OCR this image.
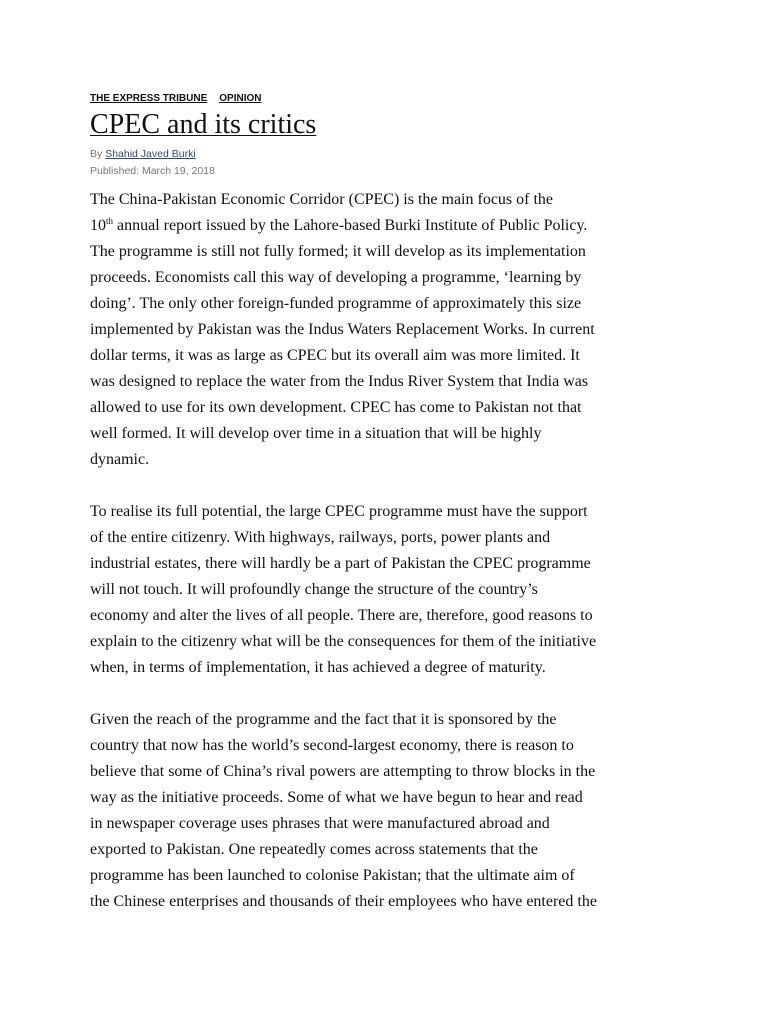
THE EXPRESS TRIBUNE OPINION
CPEC and its critics
By Shahid Javed Burki
Published: March 19, 2018

The China-Pakistan Economic Corridor (CPEC) is the main focus of the
10th annual report issued by the Lahore-based Burki Institute of Public Policy.
The programme is still not fully formed; it will develop as its implementation
proceeds. Economists call this way of developing a programme, ‘learning by
doing’. The only other foreign-funded programme of approximately this size
implemented by Pakistan was the Indus Waters Replacement Works. In current
dollar terms, it was as large as CPEC but its overall aim was more limited. It
was designed to replace the water from the Indus River System that India was
allowed to use for its own development. CPEC has come to Pakistan not that
well formed. It will develop over time in a situation that will be highly
dynamic.

To realise its full potential, the large CPEC programme must have the support
of the entire citizenry. With highways, railways, ports, power plants and
industrial estates, there will hardly be a part of Pakistan the CPEC programme
will not touch. It will profoundly change the structure of the country’s
economy and alter the lives of all people. There are, therefore, good reasons to
explain to the citizenry what will be the consequences for them of the initiative
when, in terms of implementation, it has achieved a degree of maturity.

Given the reach of the programme and the fact that it is sponsored by the
country that now has the world’s second-largest economy, there is reason to
believe that some of China’s rival powers are attempting to throw blocks in the
way as the initiative proceeds. Some of what we have begun to hear and read
in newspaper coverage uses phrases that were manufactured abroad and
exported to Pakistan. One repeatedly comes across statements that the
programme has been launched to colonise Pakistan; that the ultimate aim of
the Chinese enterprises and thousands of their employees who have entered the
